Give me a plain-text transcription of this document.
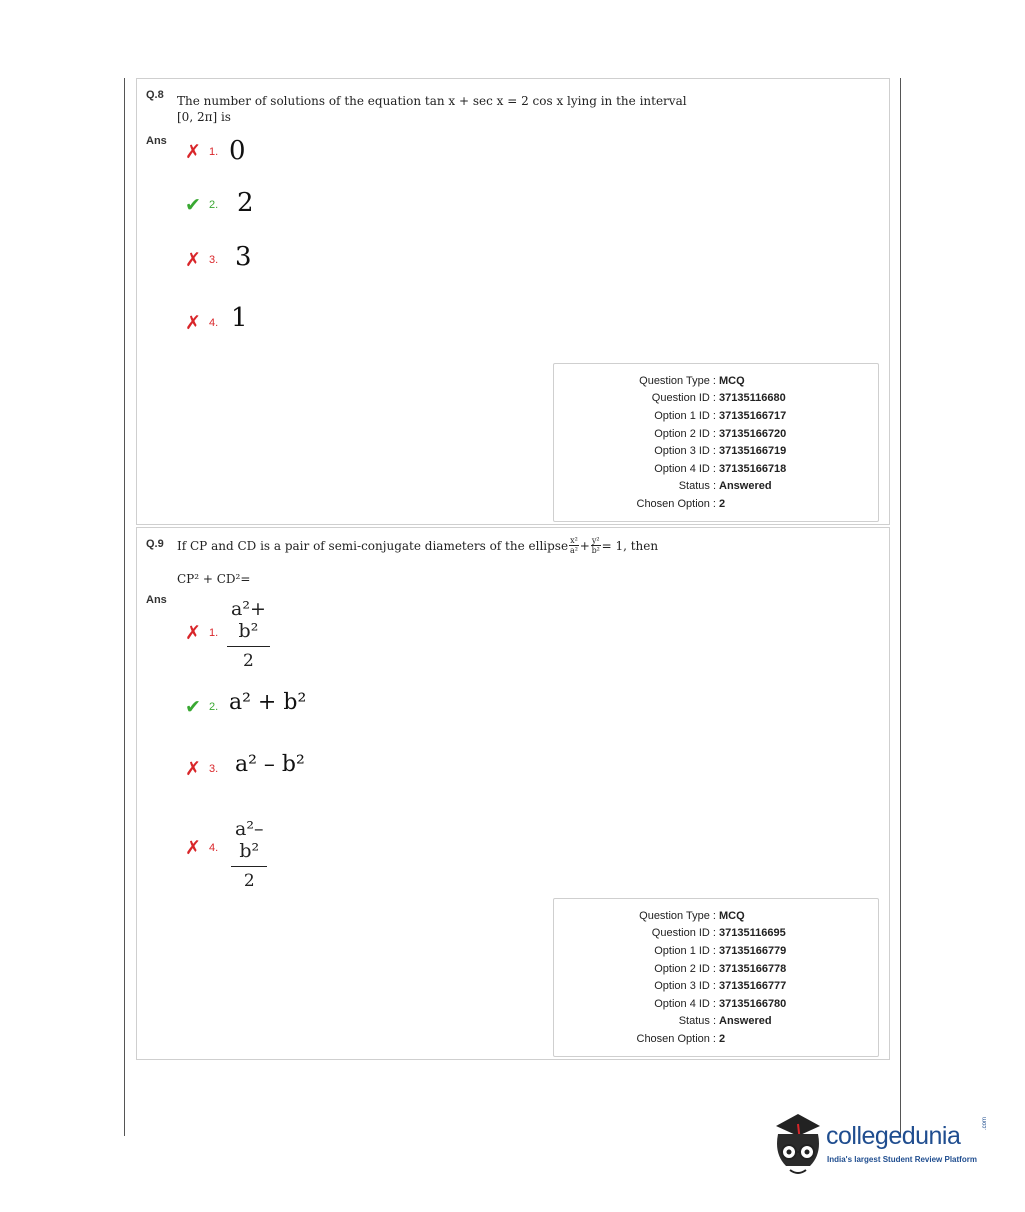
Q.8 The number of solutions of the equation tan x + sec x = 2 cos x lying in the interval
[0, 2π] is
Ans ✗ 1. 0
✔ 2. 2
✗ 3. 3
✗ 4. 1
Question Type : MCQ
Question ID : 37135116680
Option 1 ID : 37135166717
Option 2 ID : 37135166720
Option 3 ID : 37135166719
Option 4 ID : 37135166718
Status : Answered
Chosen Option : 2
Q.9 If CP and CD is a pair of semi-conjugate diameters of the ellipse $\frac{\text{x²}}{\text{a²}} + \frac{\text{y²}}{\text{b²}} = 1$, then
CP² + CD²=
Ans
✗ 1. $\frac{\text{a²+ b²}}{2}$
✔ 2. a² + b²
✗ 3. a² – b²
✗ 4. $\frac{\text{a²– b²}}{2}$
Question Type : MCQ
Question ID : 37135116695
Option 1 ID : 37135166779
Option 2 ID : 37135166778
Option 3 ID : 37135166777
Option 4 ID : 37135166780
Status : Answered
Chosen Option : 2
collegedunia	.com
India's largest Student Review Platform
